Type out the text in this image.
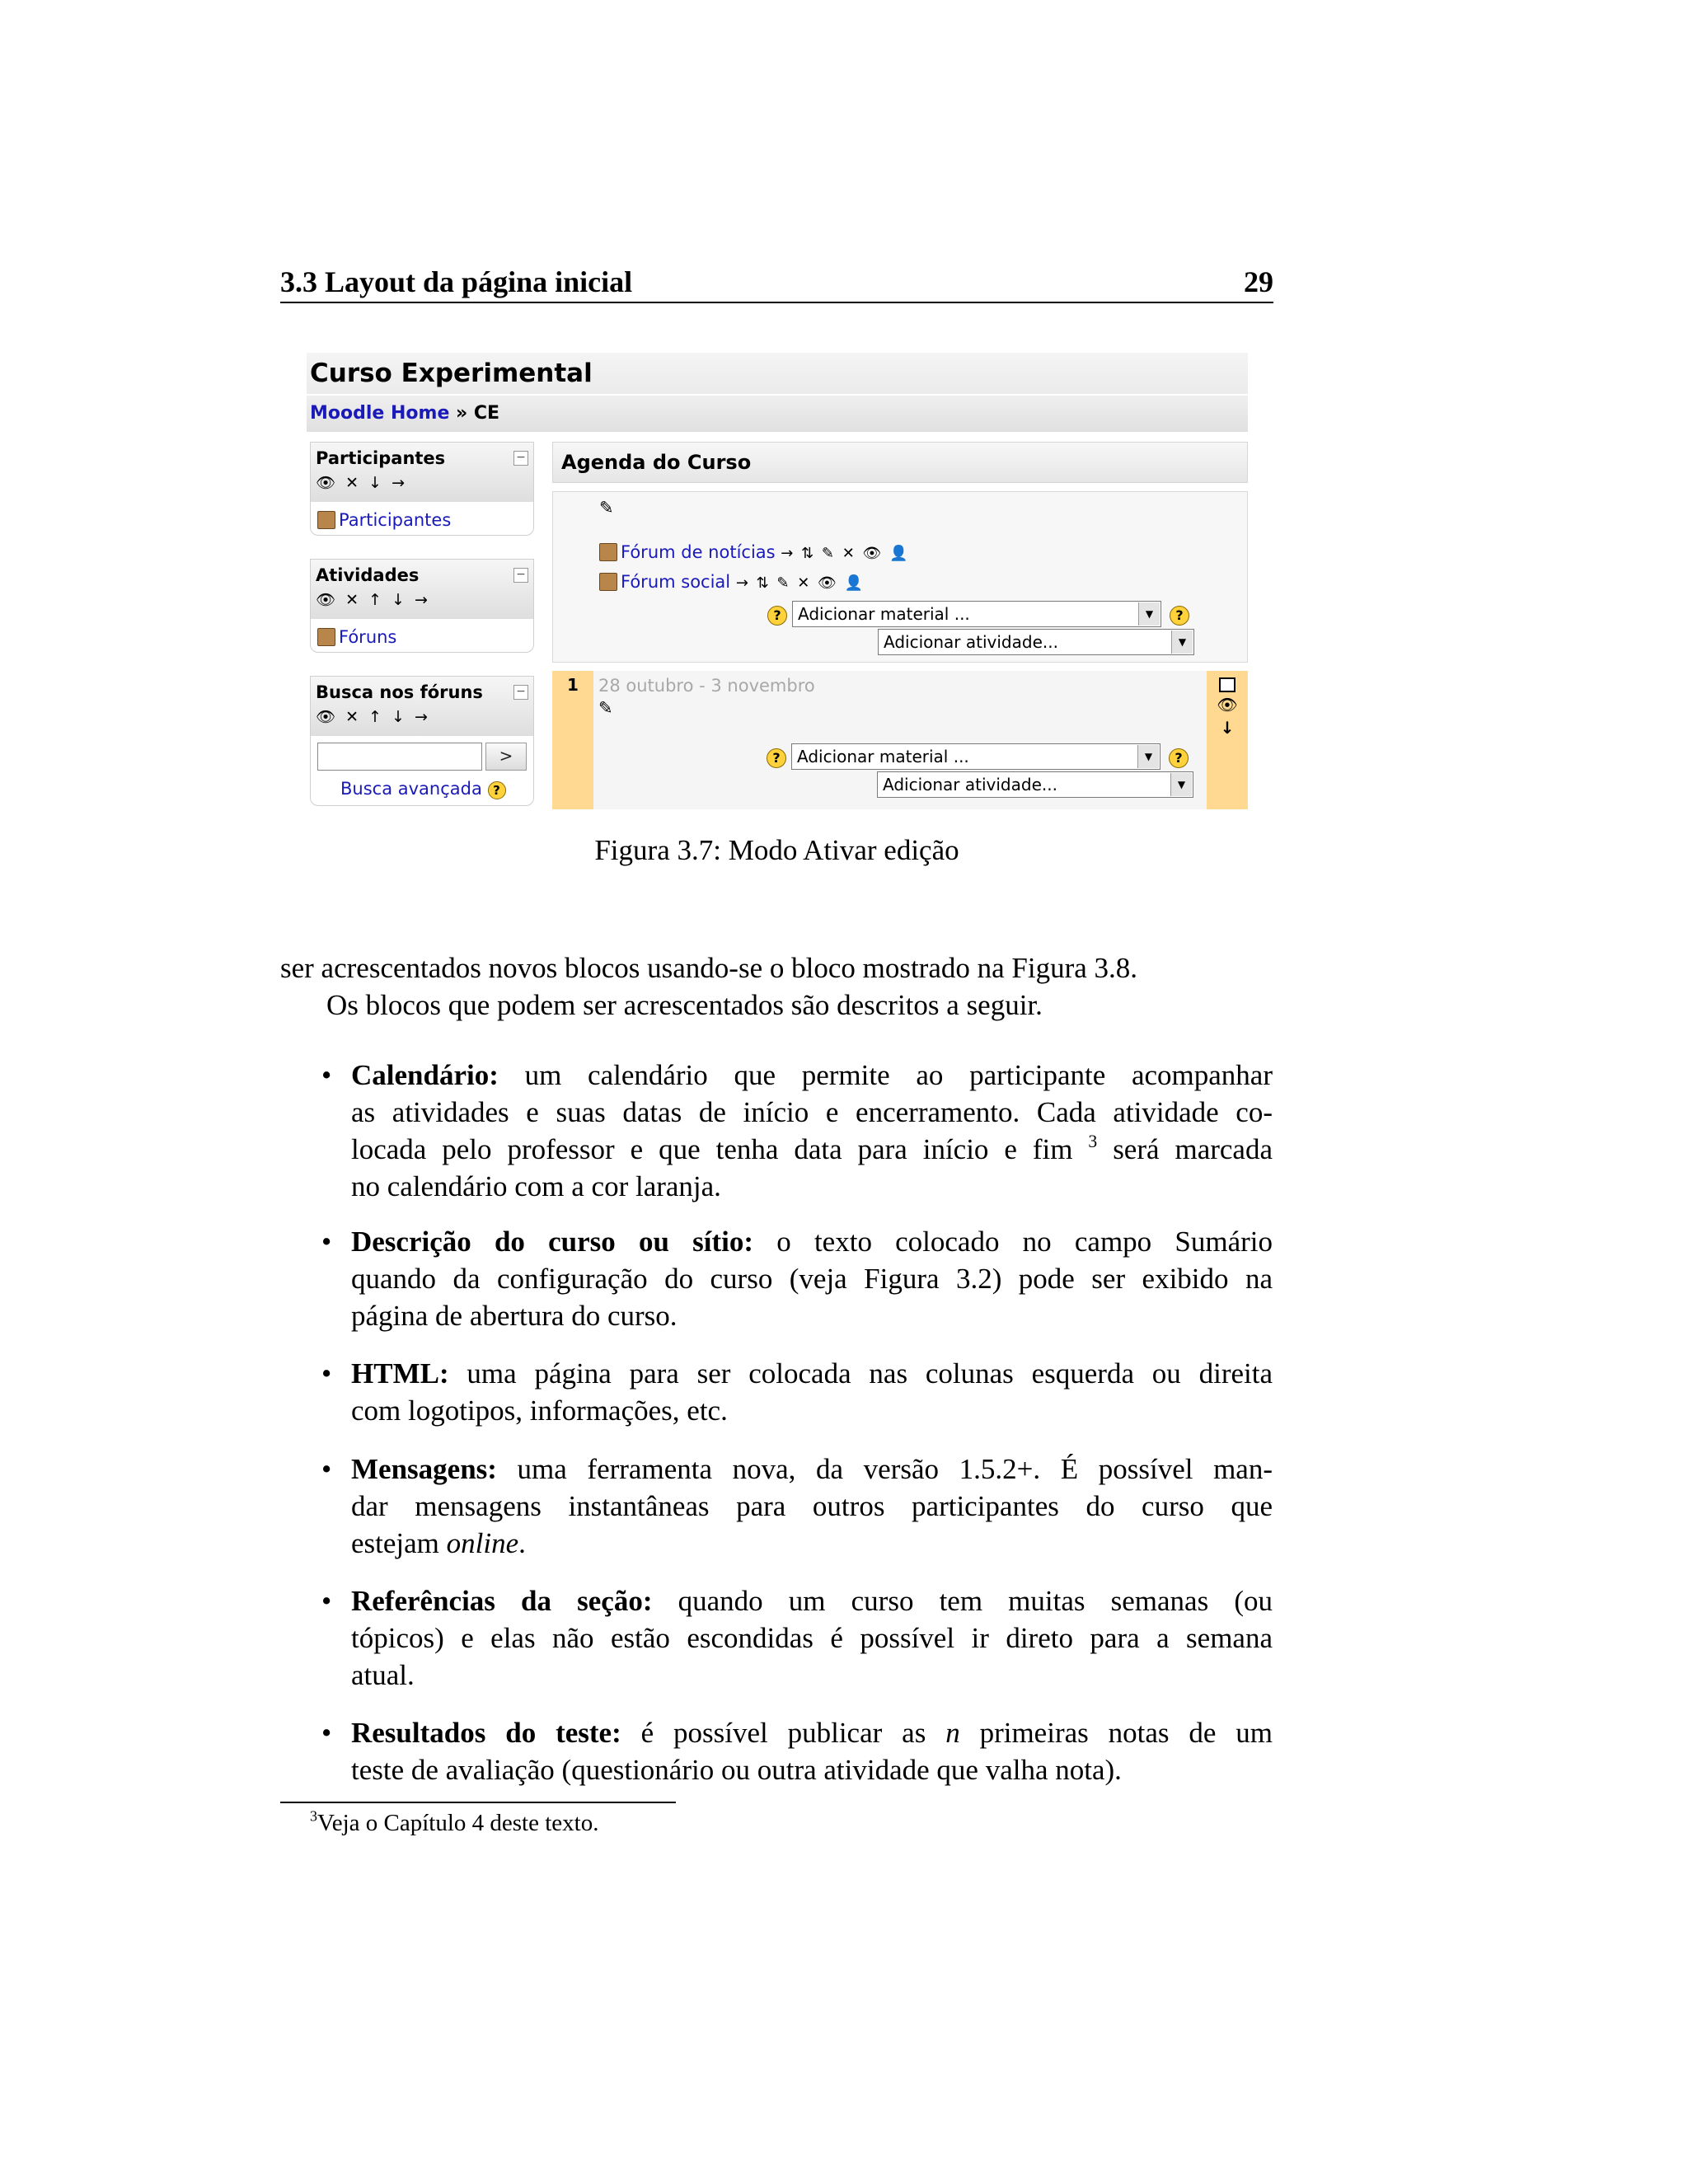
3.3 Layout da página inicial	29
Curso Experimental
Moodle Home » CE
Participantes
👁 ✕ ↓ →
−
Participantes
Atividades
👁 ✕ ↑ ↓ →
−
Fóruns
Busca nos fóruns
👁 ✕ ↑ ↓ →
−
>
Busca avançada ?
Agenda do Curso
✎
Fórum de notícias → ⇅ ✎ ✕ 👁 👤
Fórum social → ⇅ ✎ ✕ 👁 👤
?	Adicionar material ...	▼	?
Adicionar atividade...	▼
1	28 outubro - 3 novembro
✎
?	Adicionar material ...	▼	?
Adicionar atividade...	▼
👁
↓
Figura 3.7: Modo Ativar edição
ser acrescentados novos blocos usando-se o bloco mostrado na Figura 3.8.
Os blocos que podem ser acrescentados são descritos a seguir.
• Calendário: um calendário que permite ao participante acompanhar
as atividades e suas datas de início e encerramento. Cada atividade co-
locada pelo professor e que tenha data para início e fim $^3$ será marcada
no calendário com a cor laranja.
• Descrição do curso ou sítio: o texto colocado no campo Sumário
quando da configuração do curso (veja Figura 3.2) pode ser exibido na
página de abertura do curso.
• HTML: uma página para ser colocada nas colunas esquerda ou direita
com logotipos, informações, etc.
• Mensagens: uma ferramenta nova, da versão 1.5.2+. É possível man-
dar mensagens instantâneas para outros participantes do curso que
estejam online.
• Referências da seção: quando um curso tem muitas semanas (ou
tópicos) e elas não estão escondidas é possível ir direto para a semana
atual.
• Resultados do teste: é possível publicar as n primeiras notas de um
teste de avaliação (questionário ou outra atividade que valha nota).
$^3$Veja o Capítulo 4 deste texto.
